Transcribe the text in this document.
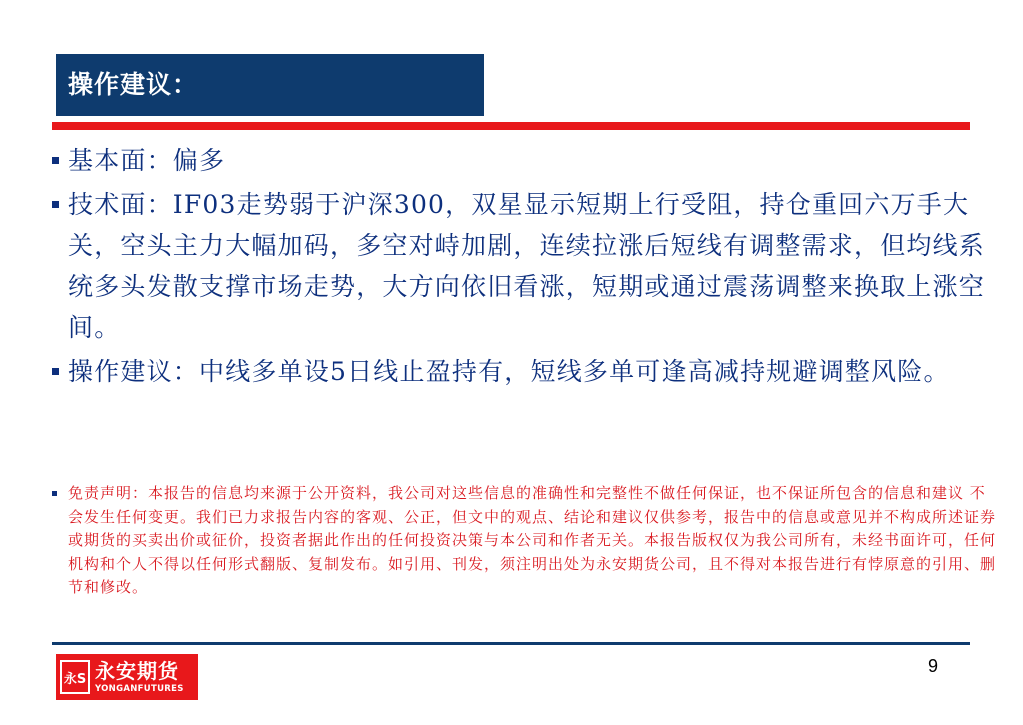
操作建议：
基本面：偏多
技术面：IF03走势弱于沪深300，双星显示短期上行受阻，持仓重回六万手大关，空头主力大幅加码，多空对峙加剧，连续拉涨后短线有调整需求，但均线系统多头发散支撑市场走势，大方向依旧看涨，短期或通过震荡调整来换取上涨空间。
操作建议：中线多单设5日线止盈持有，短线多单可逢高减持规避调整风险。
免责声明：本报告的信息均来源于公开资料，我公司对这些信息的准确性和完整性不做任何保证，也不保证所包含的信息和建议 不会发生任何变更。我们已力求报告内容的客观、公正，但文中的观点、结论和建议仅供参考，报告中的信息或意见并不构成所述证券或期货的买卖出价或征价，投资者据此作出的任何投资决策与本公司和作者无关。本报告版权仅为我公司所有，未经书面许可，任何机构和个人不得以任何形式翻版、复制发布。如引用、刊发，须注明出处为永安期货公司，且不得对本报告进行有悖原意的引用、删节和修改。
永S 永安期货
YONGANFUTURES
9
